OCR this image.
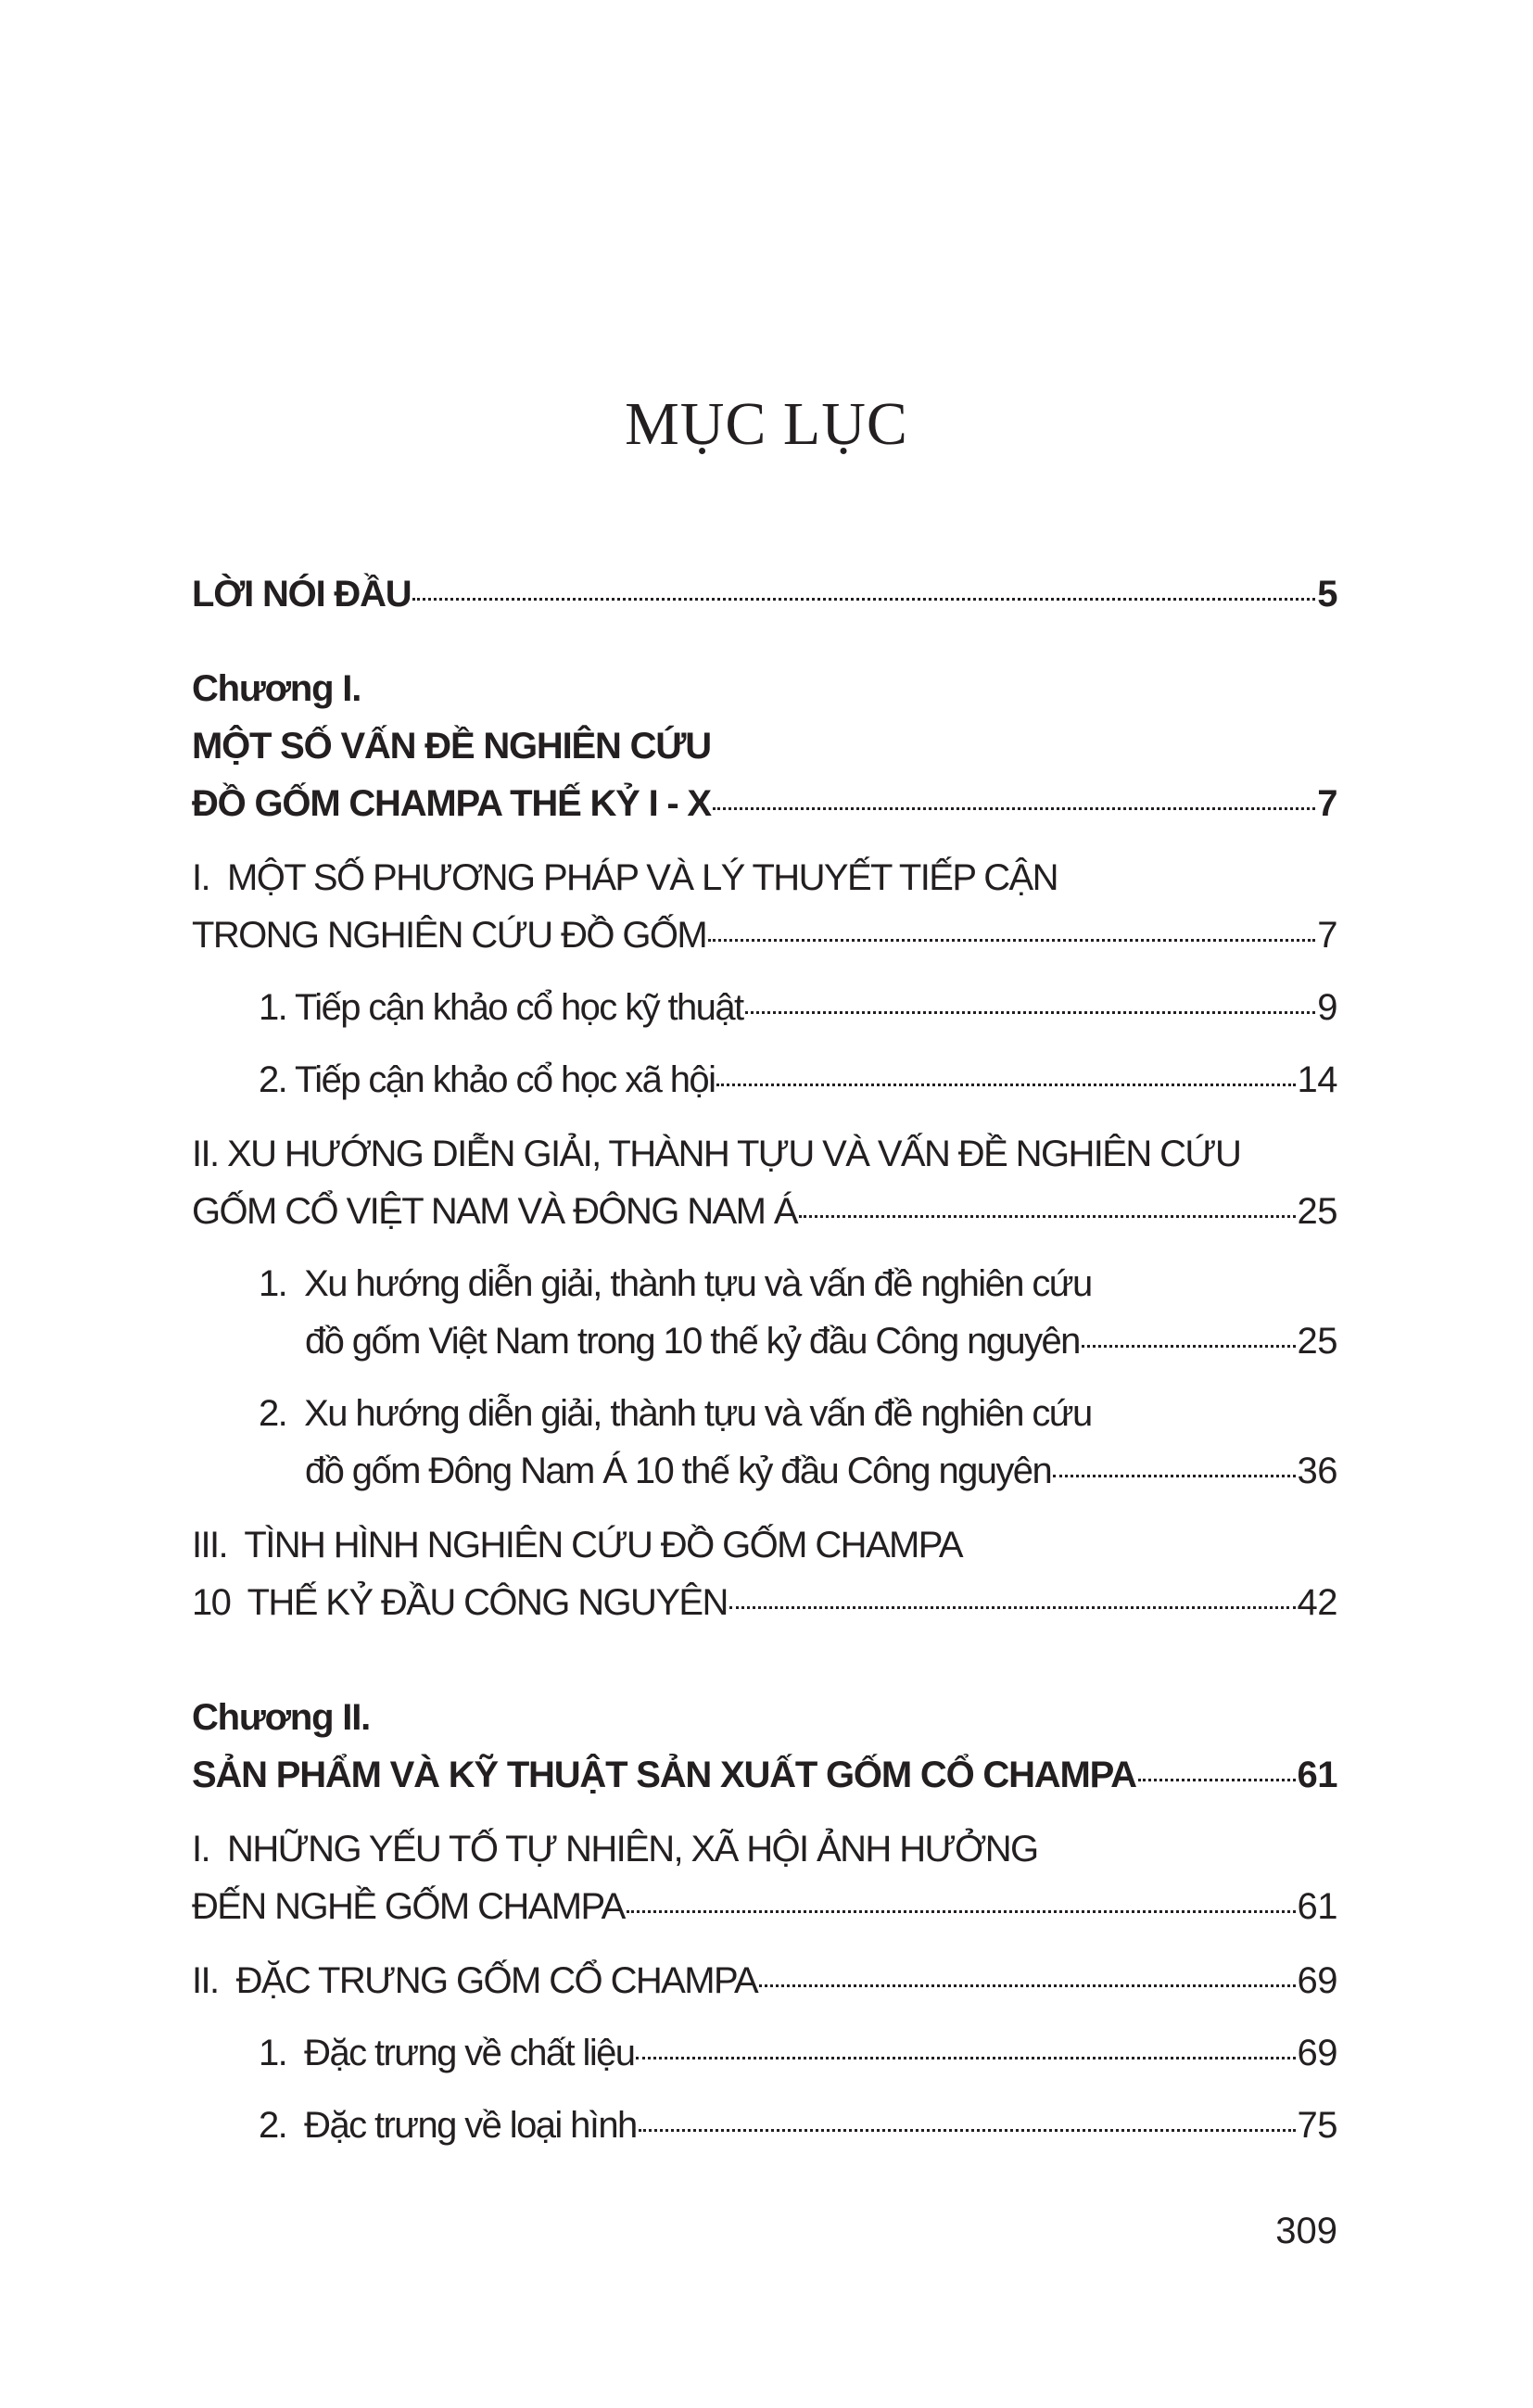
MỤC LỤC
LỜI NÓI ĐẦU	5
Chương I.
MỘT SỐ VẤN ĐỀ NGHIÊN CỨU
ĐỒ GỐM CHAMPA THẾ KỶ I - X	7
I.  MỘT SỐ PHƯƠNG PHÁP VÀ LÝ THUYẾT TIẾP CẬN
TRONG NGHIÊN CỨU ĐỒ GỐM	7
1. Tiếp cận khảo cổ học kỹ thuật	9
2. Tiếp cận khảo cổ học xã hội	14
II. XU HƯỚNG DIỄN GIẢI, THÀNH TỰU VÀ VẤN ĐỀ NGHIÊN CỨU
GỐM CỔ VIỆT NAM VÀ ĐÔNG NAM Á	25
1.  Xu hướng diễn giải, thành tựu và vấn đề nghiên cứu
đồ gốm Việt Nam trong 10 thế kỷ đầu Công nguyên	25
2.  Xu hướng diễn giải, thành tựu và vấn đề nghiên cứu
đồ gốm Đông Nam Á 10 thế kỷ đầu Công nguyên	36
III.  TÌNH HÌNH NGHIÊN CỨU ĐỒ GỐM CHAMPA
10  THẾ KỶ ĐẦU CÔNG NGUYÊN	42
Chương II.
SẢN PHẨM VÀ KỸ THUẬT SẢN XUẤT GỐM CỔ CHAMPA	61
I.  NHỮNG YẾU TỐ TỰ NHIÊN, XÃ HỘI ẢNH HƯỞNG
ĐẾN NGHỀ GỐM CHAMPA	61
II.  ĐẶC TRƯNG GỐM CỔ CHAMPA	69
1.  Đặc trưng về chất liệu	69
2.  Đặc trưng về loại hình	75
309
